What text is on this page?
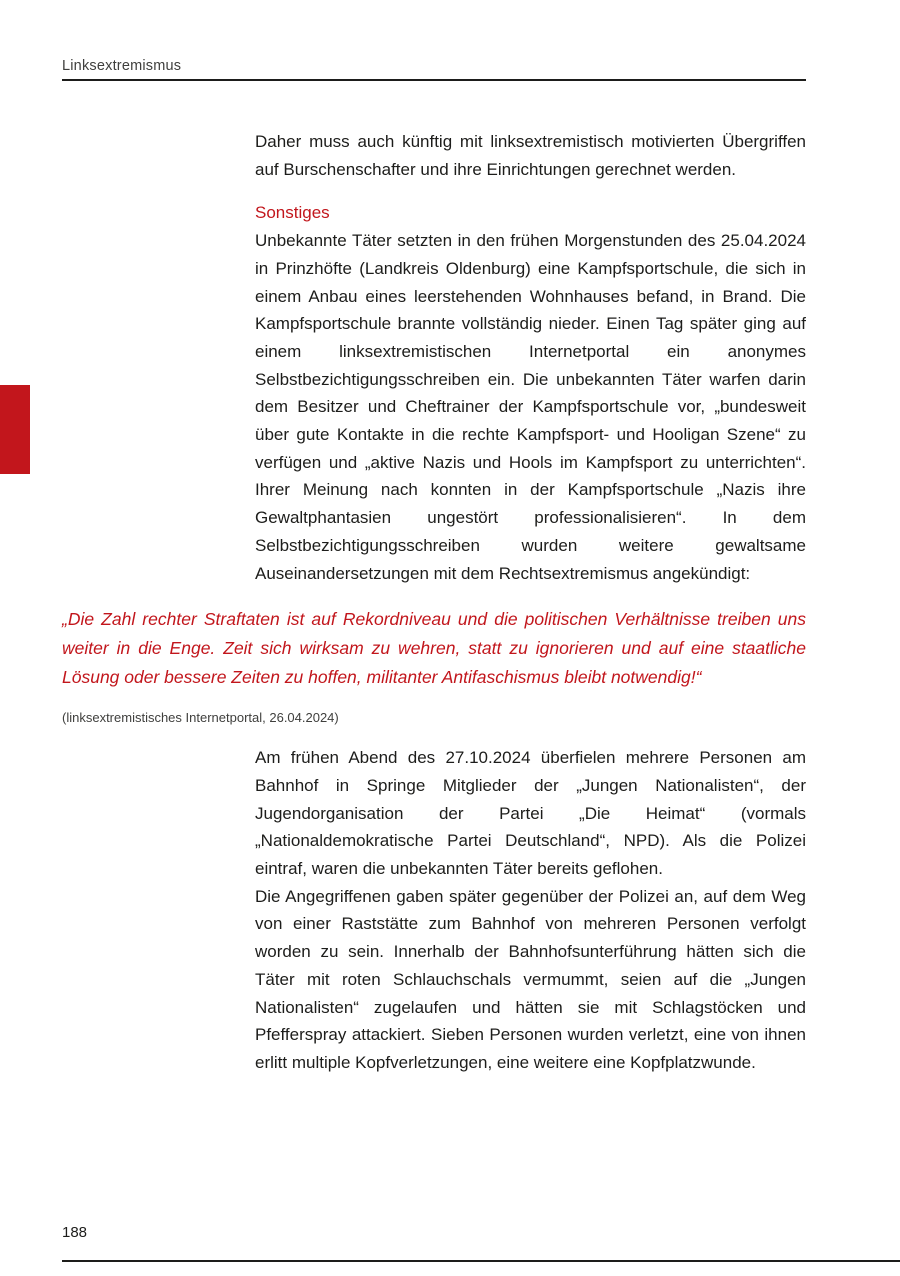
Linksextremismus

Daher muss auch künftig mit linksextremistisch motivierten Übergriffen auf Burschenschafter und ihre Einrichtungen gerechnet werden.

Sonstiges

Unbekannte Täter setzten in den frühen Morgenstunden des 25.04.2024 in Prinzhöfte (Landkreis Oldenburg) eine Kampfsportschule, die sich in einem Anbau eines leerstehenden Wohnhauses befand, in Brand. Die Kampfsportschule brannte vollständig nieder. Einen Tag später ging auf einem linksextremistischen Internetportal ein anonymes Selbstbezichtigungsschreiben ein. Die unbekannten Täter warfen darin dem Besitzer und Cheftrainer der Kampfsportschule vor, „bundesweit über gute Kontakte in die rechte Kampfsport- und Hooligan Szene“ zu verfügen und „aktive Nazis und Hools im Kampfsport zu unterrichten“. Ihrer Meinung nach konnten in der Kampfsportschule „Nazis ihre Gewaltphantasien ungestört professionalisieren“. In dem Selbstbezichtigungsschreiben wurden weitere gewaltsame Auseinandersetzungen mit dem Rechtsextremismus angekündigt:

„Die Zahl rechter Straftaten ist auf Rekordniveau und die politischen Verhältnisse treiben uns weiter in die Enge. Zeit sich wirksam zu wehren, statt zu ignorieren und auf eine staatliche Lösung oder bessere Zeiten zu hoffen, militanter Antifaschismus bleibt notwendig!“

(linksextremistisches Internetportal, 26.04.2024)

Am frühen Abend des 27.10.2024 überfielen mehrere Personen am Bahnhof in Springe Mitglieder der „Jungen Nationalisten“, der Jugendorganisation der Partei „Die Heimat“ (vormals „Nationaldemokratische Partei Deutschland“, NPD). Als die Polizei eintraf, waren die unbekannten Täter bereits geflohen.

Die Angegriffenen gaben später gegenüber der Polizei an, auf dem Weg von einer Raststätte zum Bahnhof von mehreren Personen verfolgt worden zu sein. Innerhalb der Bahnhofsunterführung hätten sich die Täter mit roten Schlauchschals vermummt, seien auf die „Jungen Nationalisten“ zugelaufen und hätten sie mit Schlagstöcken und Pfefferspray attackiert. Sieben Personen wurden verletzt, eine von ihnen erlitt multiple Kopfverletzungen, eine weitere eine Kopfplatzwunde.

188
